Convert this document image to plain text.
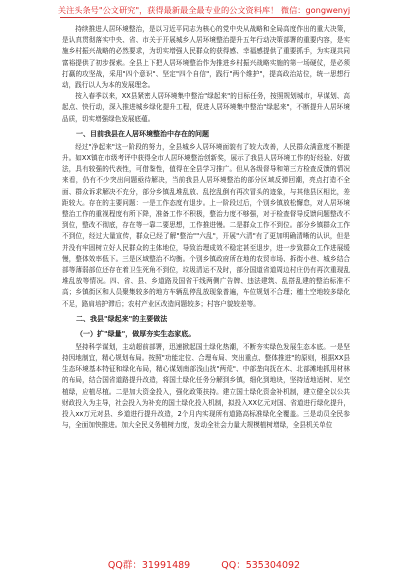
关注头条号"公文研究"，获得最新最全最专业的公文资料库！ 微信：gongwenyj

持续推进人居环境整治，是以习近平同志为核心的党中央从战略和全局高度作出的重大决策，是认真贯彻落实中央、省、市关于开展城乡人居环境整治提升五年行动决策部署的重要内容，是实施乡村振兴战略的必然要求，为切实增强人民群众的获得感、幸福感提供了重要抓手，为实现共同富裕提供了初步探索。全县上下把人居环境整治作为推进乡村振兴战略实施的第一场硬仗，是必须打赢的攻坚战，采用"四个意识"、坚定"四个自信"，践行"两个维护"，提高政治站位，统一思想行动，践行以人为本的发展理念。

按入春季以来，XX县紧密人居环境集中整治"绿起来"的目标任务，按照规划城市，早谋划、高起点、快行动，深入推进城乡绿化提升工程，促进人居环境集中整治"绿起来"，不断提升人居环境品质，切实增强绿色发展底蕴。

一、目前我县在人居环境整治中存在的问题

经过"净起来"这一阶段的努力，全县城乡人居环境面貌有了较大改善，人民群众满意度不断提升。如XX镇在市级考评中获得全市人居环境整治创新奖，展示了我县人居环境工作的好经验、好做法，具有较强的代表性，可借鉴性，值得在全县学习推广。但从各级督导和第三方检查反馈的情况来看，仍有不少突出问题亟待解决，当前我县人居环境整治的部分区域反弹回潮，亮点打造不全面、群众诉求解决不充分，部分乡镇乱堆乱放、乱挖乱倒有再次冒头的迹象，与其他县区相比，差距较大。存在的主要问题：一是工作态度有退步。上一阶段过后，个别乡镇放松懈怠，对人居环境整治工作的重视程度有所下降，准备工作不积极，整治力度不够强，对于检查督导反馈问题整改不到位，整改不彻底，存在等一靠二要思想，工作推进慢。二是群众工作不到位。部分乡镇群众工作不到位，经过大量宣传，群众已经了解"整治""六乱"，开展"六清"有了更加明确清晰的认识，但是并没有牢固树立好人民群众的主体地位，导致治理成效不稳定甚至退步，进一步致群众工作进展缓慢，整体效率低下。三是区域整治不均衡。个别乡镇政府所在地的农贸市场、拆街小巷、城乡结合部等薄弱部位还存在着卫生死角不到位，垃圾清运不及时，部分国道省道周边村庄仍有再次重现乱堆乱放等情况。四、省、县、乡道路及国省干线两侧广告牌、违法建筑、乱搭乱建的整治标准不高；乡镇街区和人员聚集较多的地方车辆乱停乱放现象普遍，车位规划不合理；穗土空地较多绿化不足，路肩培护滞后；农村产业区改造问题较多；村容户貌较差等。

二、我县"绿起来"的主要做法
（一）扩"绿量"，做厚夯实生态家底。

坚持科学谋划，主动超前部署，迅速掀起国土绿化热潮，不断夯实绿色发展生态本底。一是坚持因地制宜，精心规划布局。按照"功能定位、合理布局、突出重点、整体推进"的原则，根据XX县生态环境基本特征和绿化布局，精心谋划南部浅山扰"两荒"、中部垄向抚在木、北部滩地抓用材林的布局，结合国省道路提升改造，将国土绿化任务分解到乡镇，细化到地块，坚持适地适树、见空植绿，应植尽植。二是加大资金投入，强化政策扶持。建立国土绿化资金补机制，建立健全以公共财政投入为主导，社会投入为补充的国土绿化投入机制，拟投入XX亿元对国、省道进行绿化提升，投入xx万元对县、乡道进行提升改造，2个月内实现所有道路高标准绿化全覆盖。三是动员全民参与，全面加快推进。加大全民义务植树力度，发动全社会力量大规模植树增绿，全县机关单位

QQ群：31991489	QQ：535304092
